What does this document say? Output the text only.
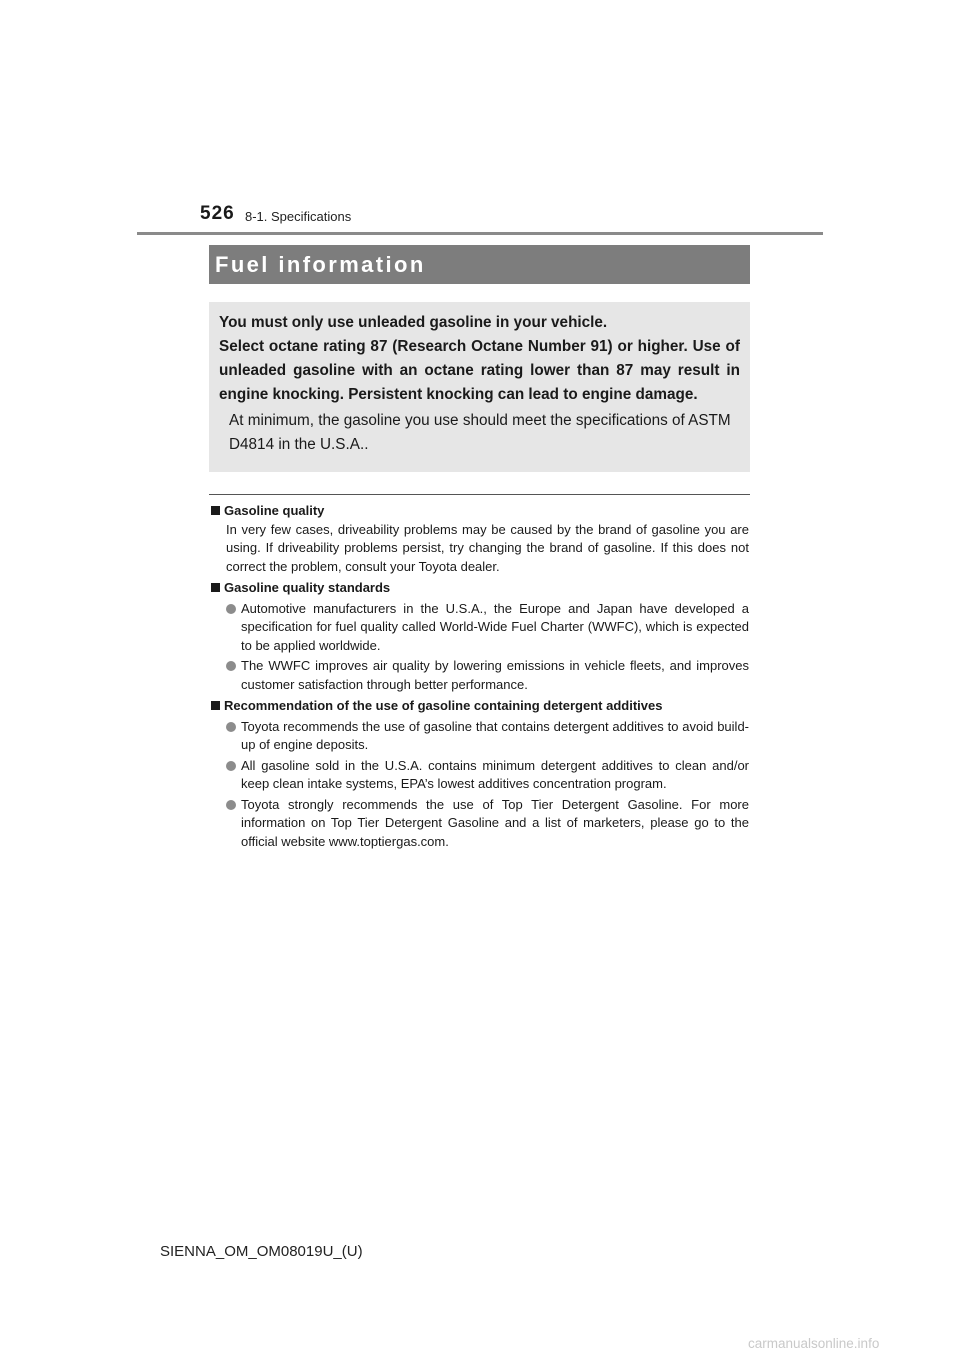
526 8-1. Specifications
Fuel information

You must only use unleaded gasoline in your vehicle.

Select octane rating 87 (Research Octane Number 91) or higher. Use of unleaded gasoline with an octane rating lower than 87 may result in engine knocking. Persistent knocking can lead to engine damage.

At minimum, the gasoline you use should meet the specifications of ASTM D4814 in the U.S.A..

Gasoline quality

In very few cases, driveability problems may be caused by the brand of gasoline you are using. If driveability problems persist, try changing the brand of gasoline. If this does not correct the problem, consult your Toyota dealer.

Gasoline quality standards
Automotive manufacturers in the U.S.A., the Europe and Japan have developed a specification for fuel quality called World-Wide Fuel Charter (WWFC), which is expected to be applied worldwide.
The WWFC improves air quality by lowering emissions in vehicle fleets, and improves customer satisfaction through better performance.
Recommendation of the use of gasoline containing detergent additives
Toyota recommends the use of gasoline that contains detergent additives to avoid build-up of engine deposits.
All gasoline sold in the U.S.A. contains minimum detergent additives to clean and/or keep clean intake systems, EPA’s lowest additives concentration program.
Toyota strongly recommends the use of Top Tier Detergent Gasoline. For more information on Top Tier Detergent Gasoline and a list of marketers, please go to the official website www.toptiergas.com.
SIENNA_OM_OM08019U_(U)
carmanualsonline.info
